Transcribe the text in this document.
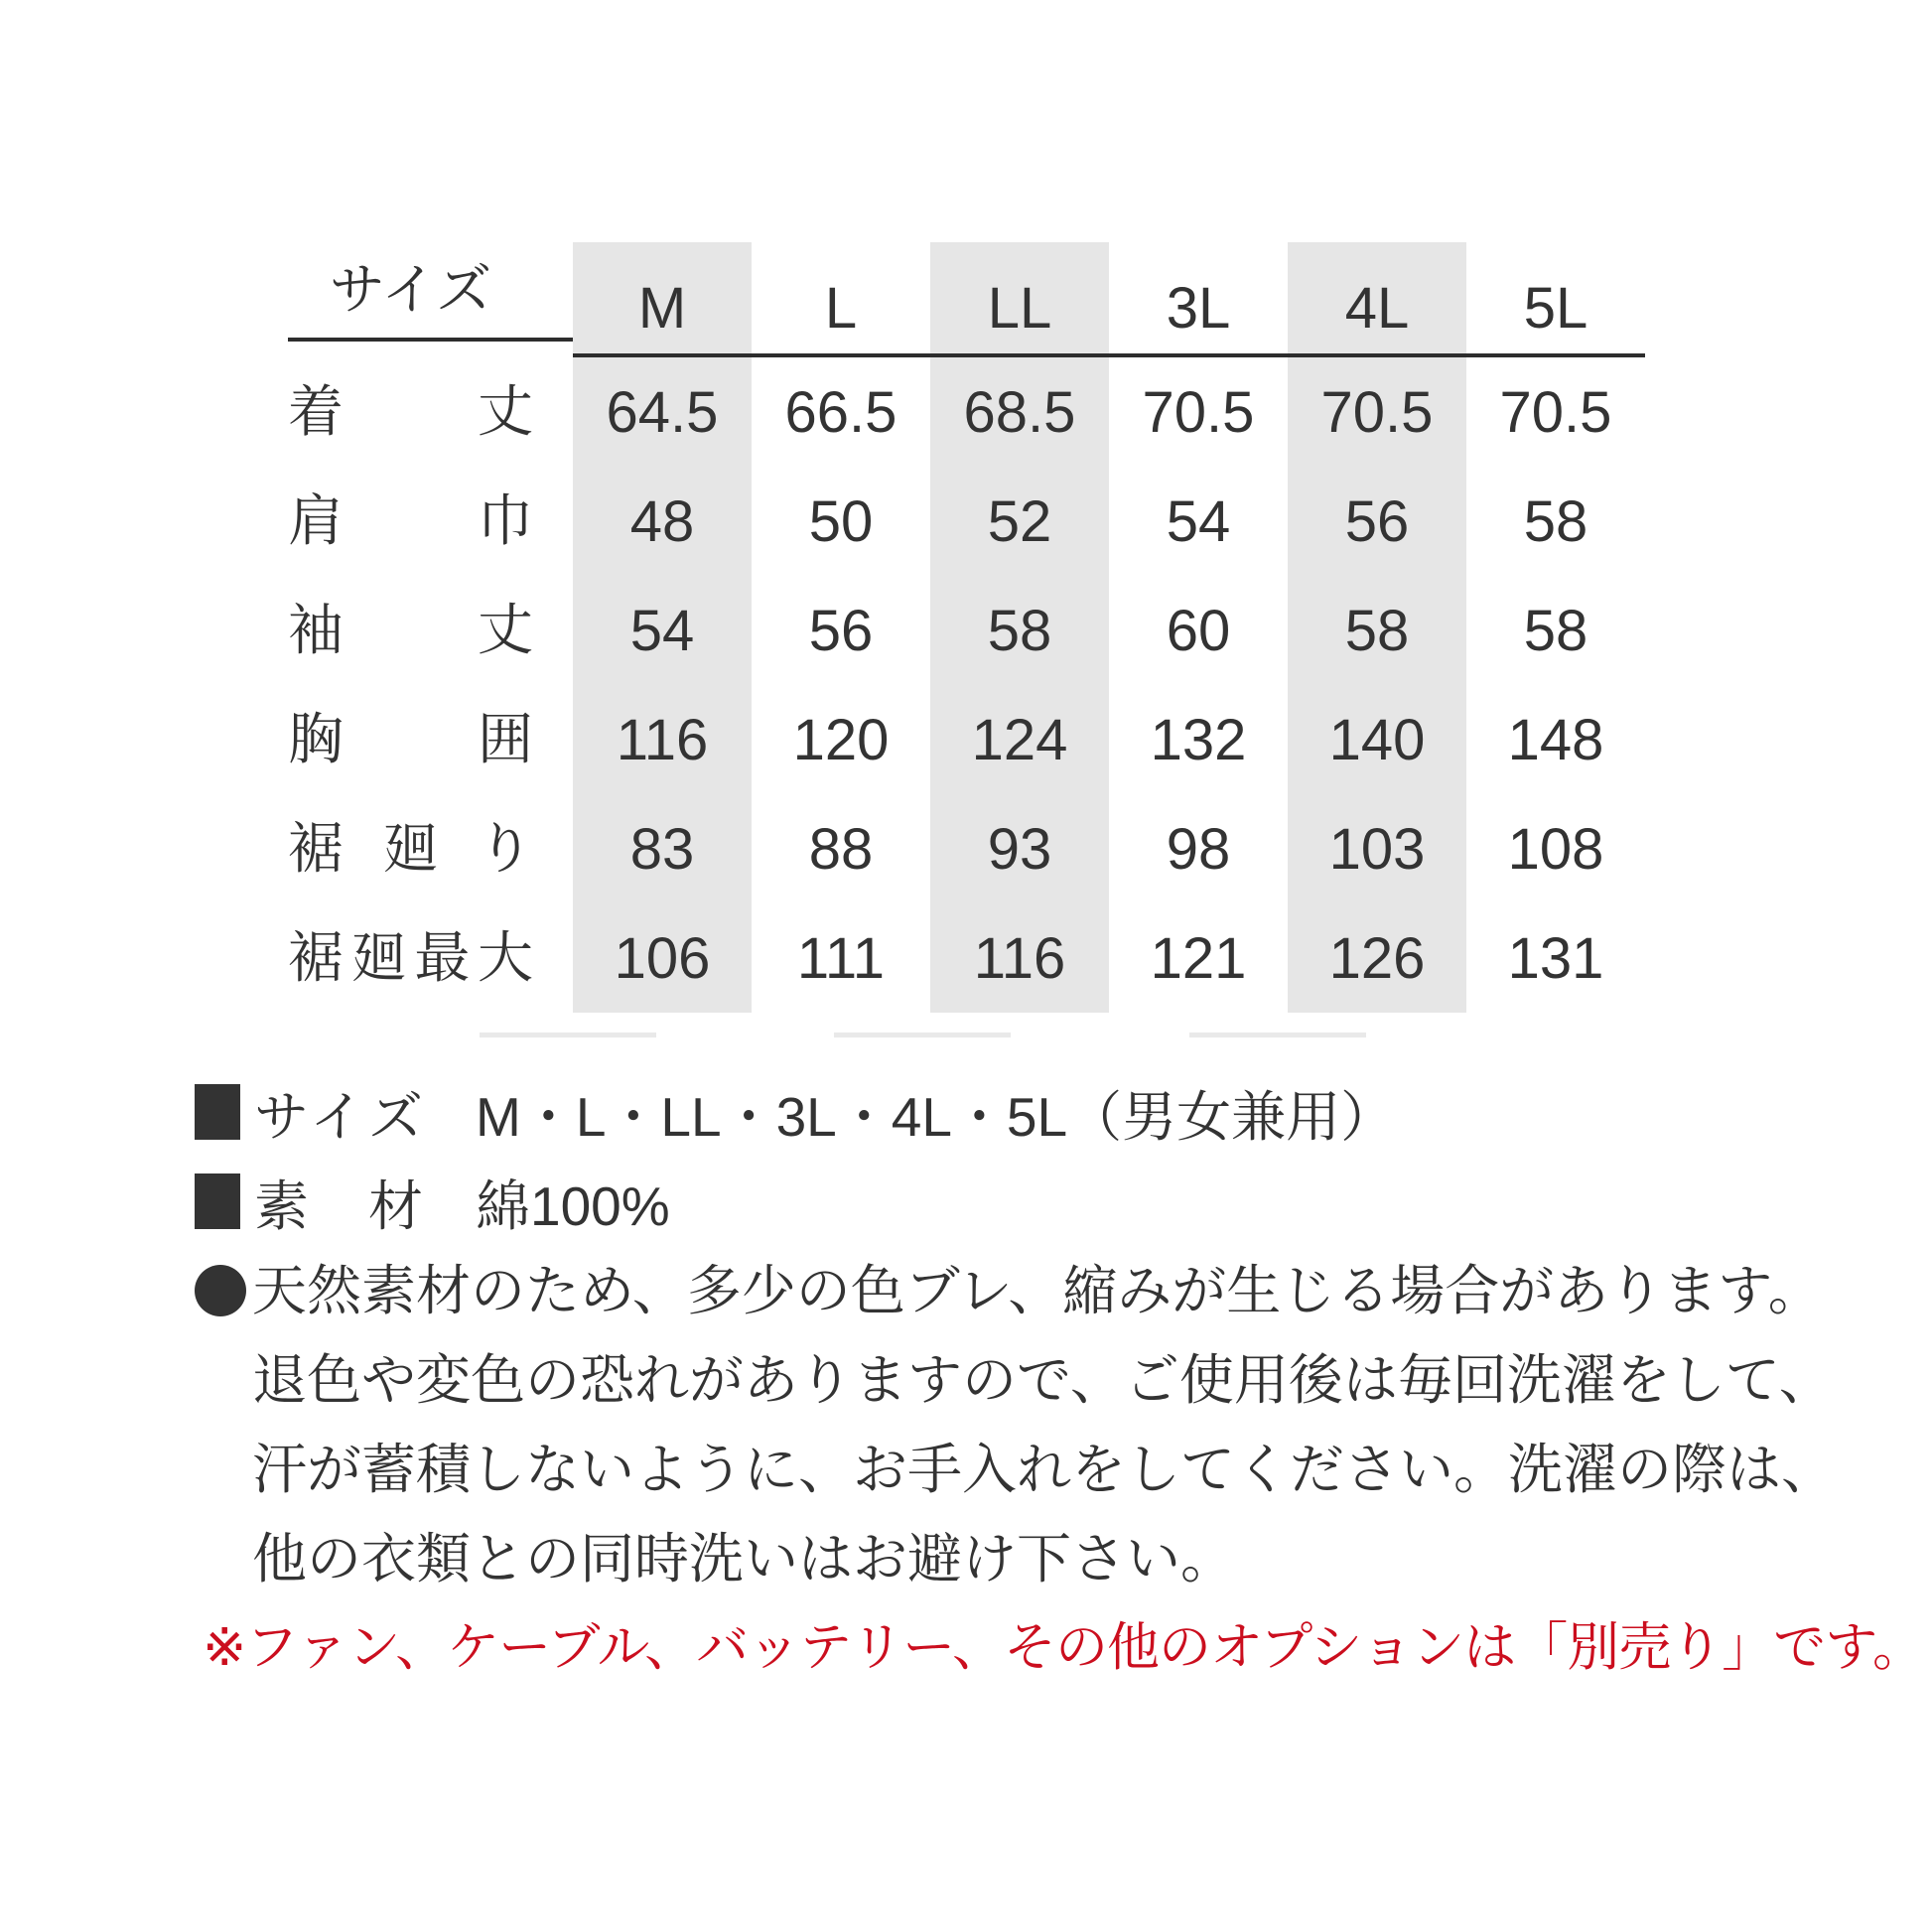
サイズ	M	L	LL	3L	4L	5L
着丈	64.5	66.5	68.5	70.5	70.5	70.5
肩巾	48	50	52	54	56	58
袖丈	54	56	58	60	58	58
胸囲	116	120	124	132	140	148
裾廻り	83	88	93	98	103	108
裾廻最大	106	111	116	121	126	131
サイズ M・L・LL・3L・4L・5L（男女兼用）
素材 綿100%
天然素材のため、多少の色ブレ、縮みが生じる場合があります。
退色や変色の恐れがありますので、ご使用後は毎回洗濯をして、
汗が蓄積しないように、お手入れをしてください。洗濯の際は、
他の衣類との同時洗いはお避け下さい。
※ファン、ケーブル、バッテリー、その他のオプションは「別売り」です。
